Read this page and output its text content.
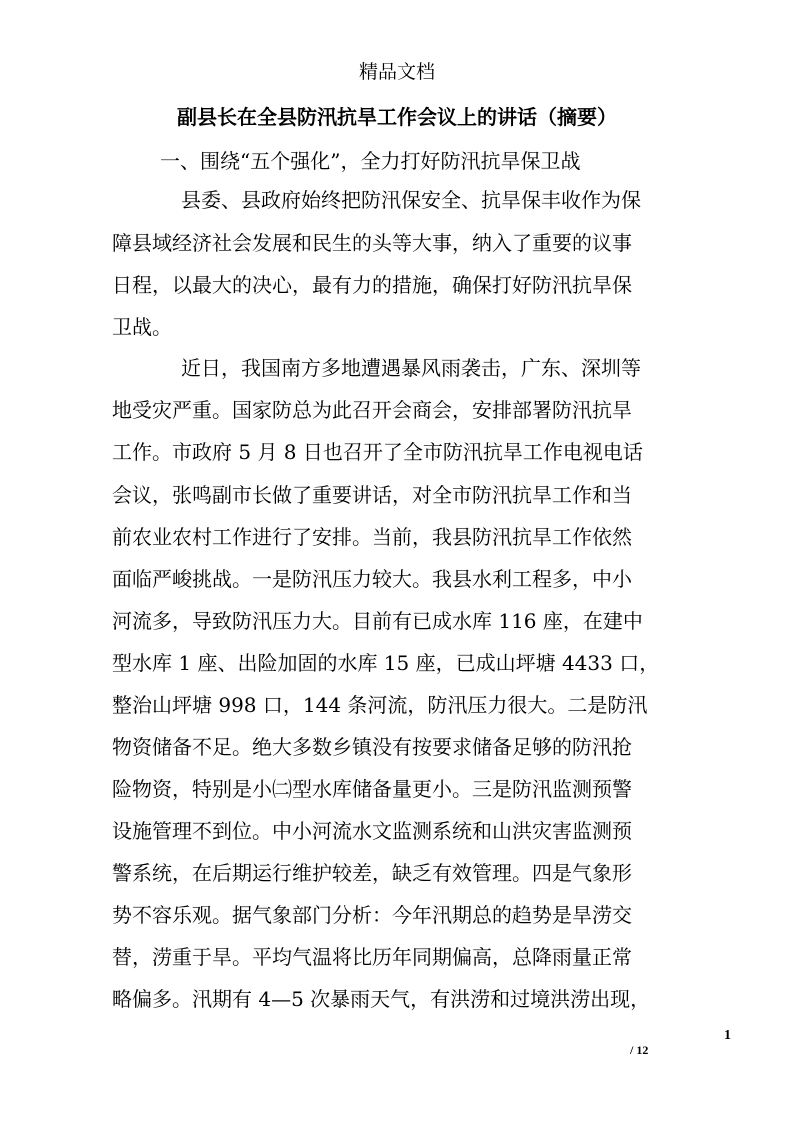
精品文档
副县长在全县防汛抗旱工作会议上的讲话（摘要）
一、围绕“五个强化”，全力打好防汛抗旱保卫战
县委、县政府始终把防汛保安全、抗旱保丰收作为保
障县域经济社会发展和民生的头等大事，纳入了重要的议事
日程，以最大的决心，最有力的措施，确保打好防汛抗旱保
卫战。
近日，我国南方多地遭遇暴风雨袭击，广东、深圳等
地受灾严重。国家防总为此召开会商会，安排部署防汛抗旱
工作。市政府 5 月 8 日也召开了全市防汛抗旱工作电视电话
会议，张鸣副市长做了重要讲话，对全市防汛抗旱工作和当
前农业农村工作进行了安排。当前，我县防汛抗旱工作依然
面临严峻挑战。一是防汛压力较大。我县水利工程多，中小
河流多，导致防汛压力大。目前有已成水库 116 座，在建中
型水库 1 座、出险加固的水库 15 座，已成山坪塘 4433 口，
整治山坪塘 998 口，144 条河流，防汛压力很大。二是防汛
物资储备不足。绝大多数乡镇没有按要求储备足够的防汛抢
险物资，特别是小㈡型水库储备量更小。三是防汛监测预警
设施管理不到位。中小河流水文监测系统和山洪灾害监测预
警系统，在后期运行维护较差，缺乏有效管理。四是气象形
势不容乐观。据气象部门分析：今年汛期总的趋势是旱涝交
替，涝重于旱。平均气温将比历年同期偏高，总降雨量正常
略偏多。汛期有 4—5 次暴雨天气，有洪涝和过境洪涝出现，
1
/ 12
